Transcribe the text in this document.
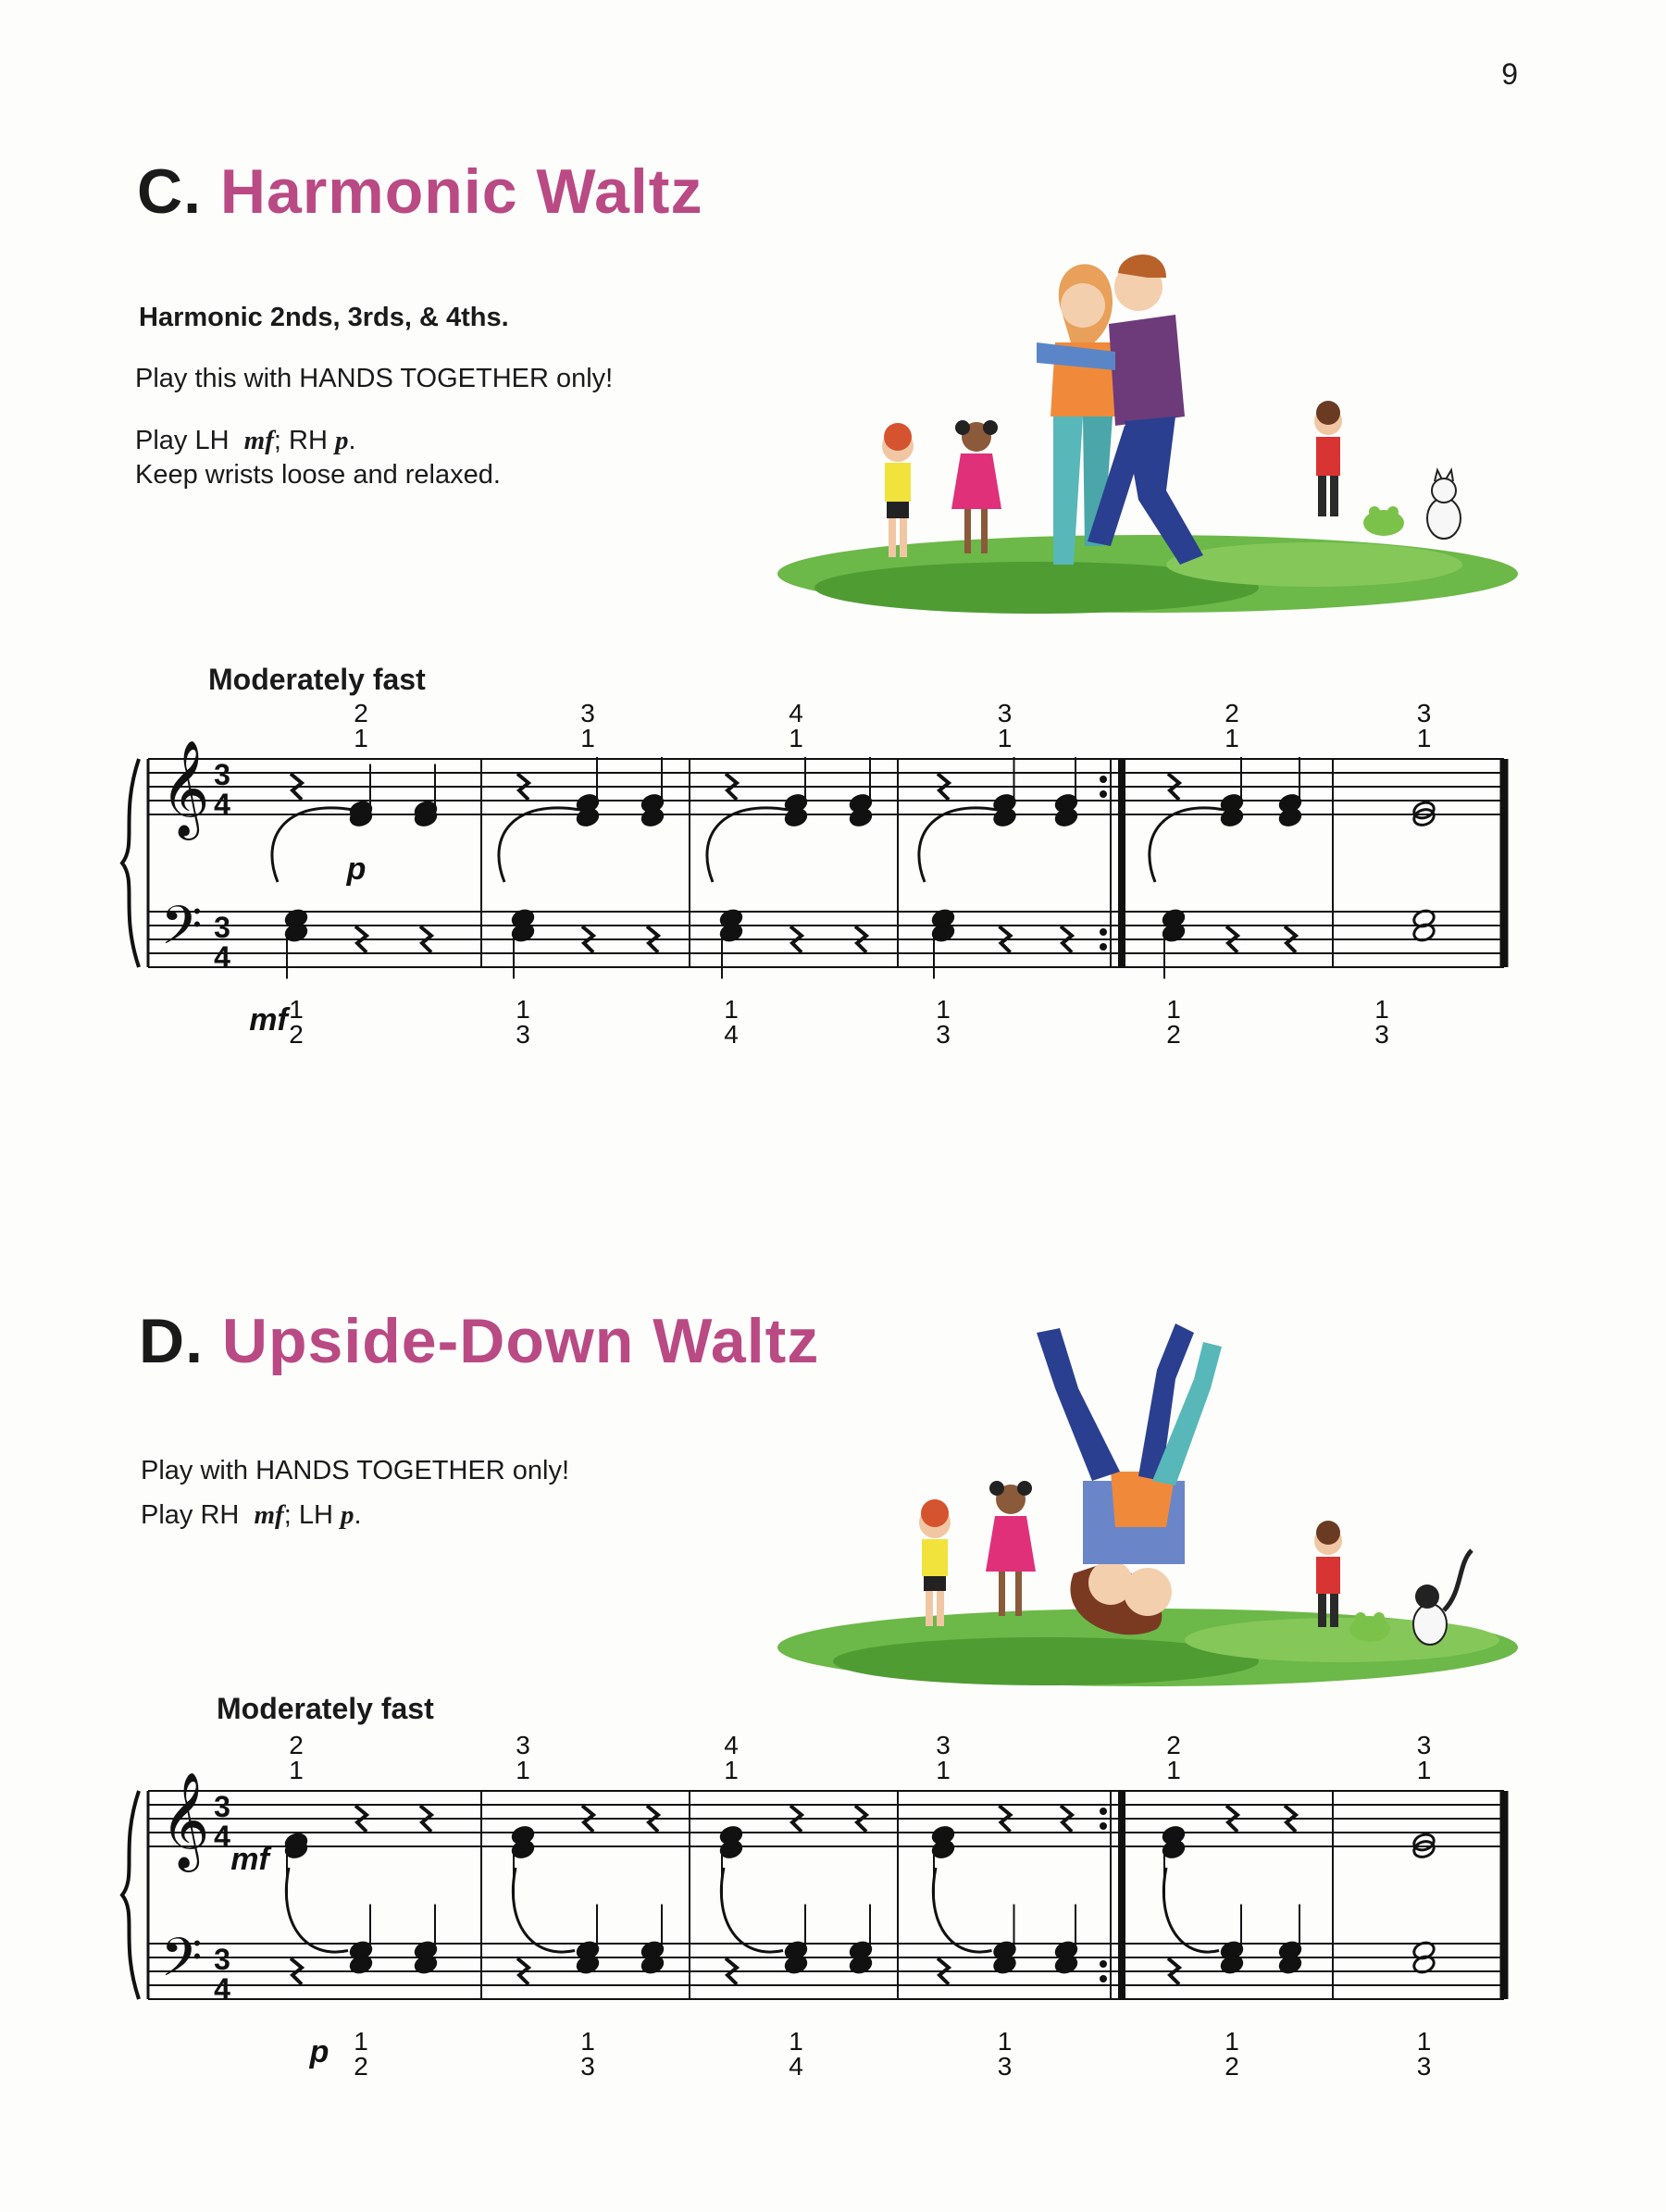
9
C. Harmonic Waltz
Harmonic 2nds, 3rds, & 4ths.
Play this with HANDS TOGETHER only!
Play LH mf; RH p.
Keep wrists loose and relaxed.
Moderately fast
𝄞
𝄢
3
4
3
4
2
1
1
2
3
1
1
3
4
1
1
4
3
1
1
3
2
1
1
2
3
1
1
3
p
mf
D. Upside-Down Waltz
Play with HANDS TOGETHER only!
Play RH mf; LH p.
Moderately fast
𝄞
𝄢
3
4
3
4
2
1
1
2
3
1
1
3
4
1
1
4
3
1
1
3
2
1
1
2
3
1
1
3
mf
p
